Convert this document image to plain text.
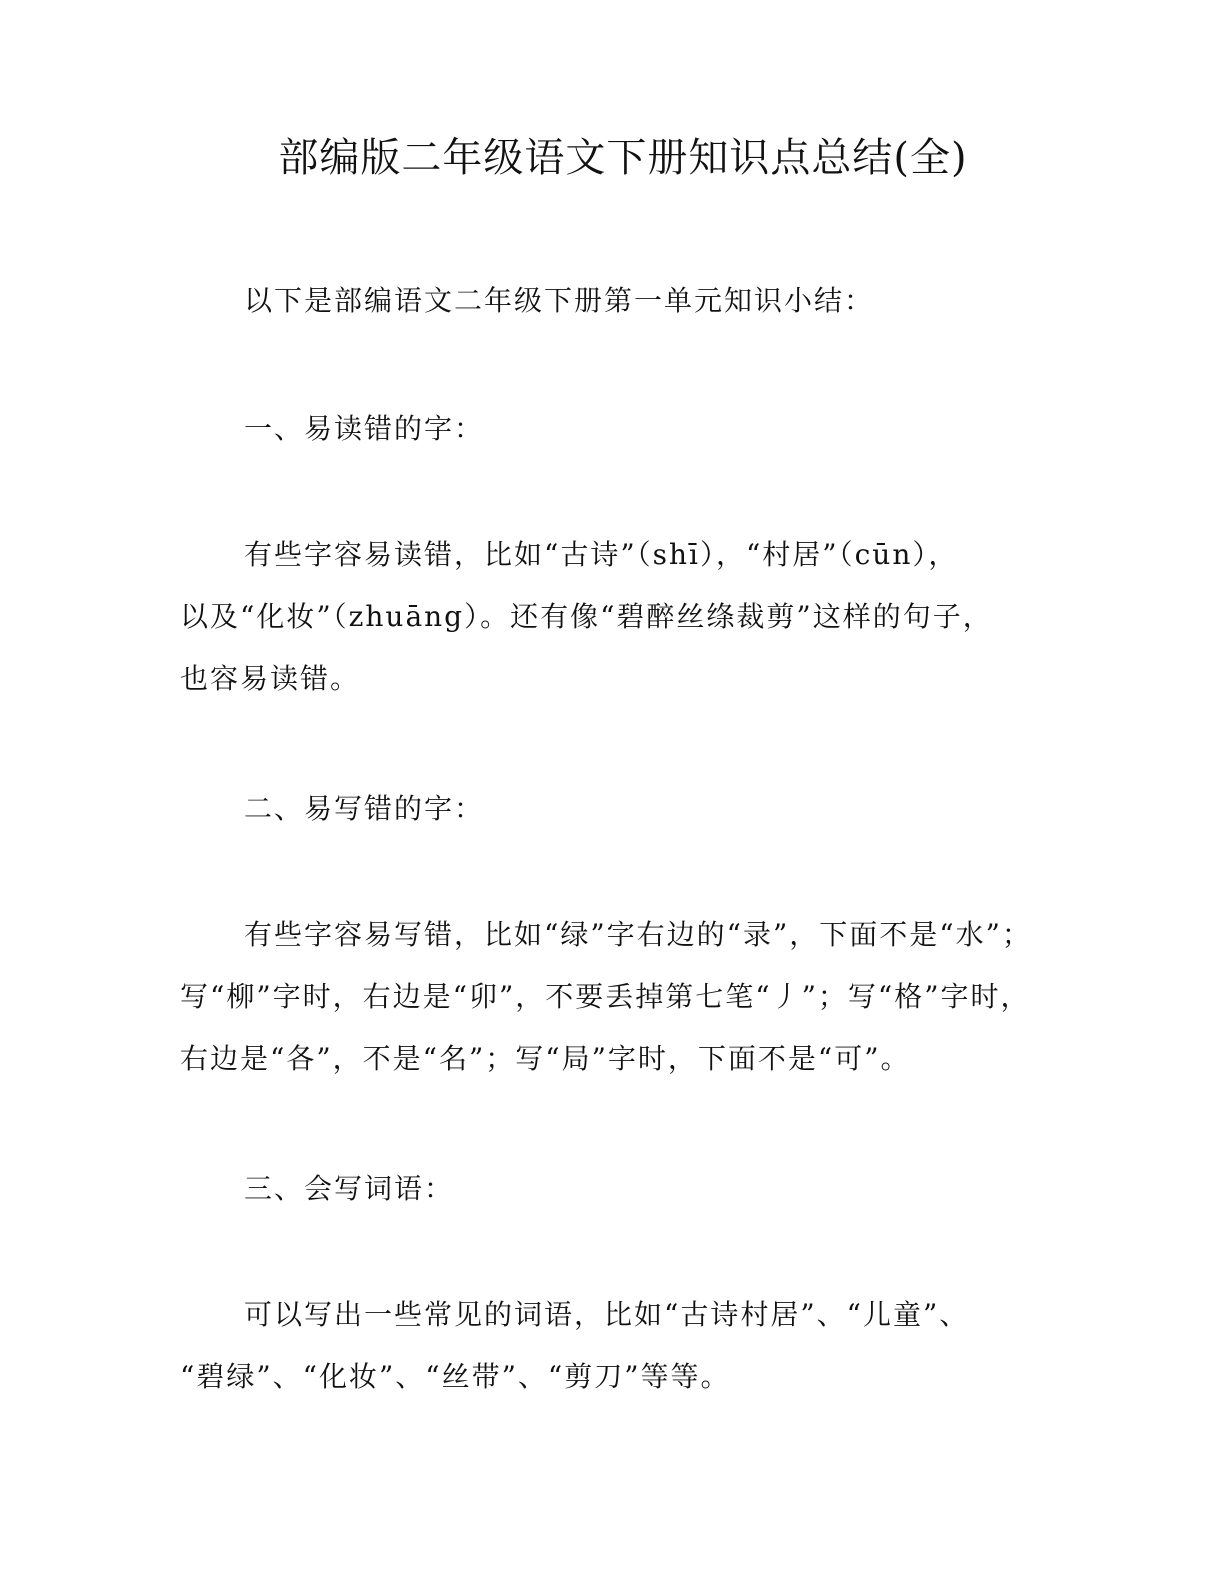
部编版二年级语文下册知识点总结(全)
以下是部编语文二年级下册第一单元知识小结：
一、易读错的字：
有些字容易读错，比如“古诗”（shī），“村居”（cūn），
以及“化妆”（zhuāng）。还有像“碧醉丝绦裁剪”这样的句子，
也容易读错。
二、易写错的字：
有些字容易写错，比如“绿”字右边的“录”，下面不是“水”；
写“柳”字时，右边是“卯”，不要丢掉第七笔“丿”；写“格”字时，
右边是“各”，不是“名”；写“局”字时，下面不是“可”。
三、会写词语：
可以写出一些常见的词语，比如“古诗村居”、“儿童”、
“碧绿”、“化妆”、“丝带”、“剪刀”等等。
